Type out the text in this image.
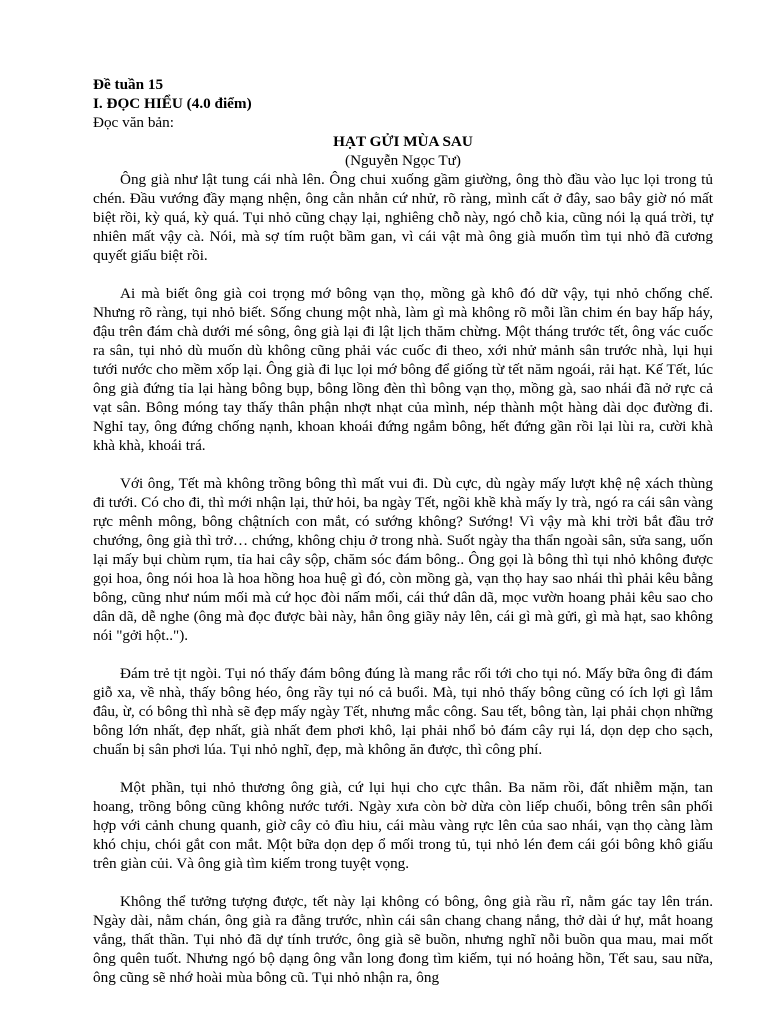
Đề tuần 15

I. ĐỌC HIỂU (4.0 điểm)

Đọc văn bản:

HẠT GỬI MÙA SAU

(Nguyễn Ngọc Tư)

Ông già như lật tung cái nhà lên. Ông chui xuống gầm giường, ông thò đầu vào lục lọi trong tủ chén. Đầu vướng đầy mạng nhện, ông cằn nhằn cứ nhử, rõ ràng, mình cất ở đây, sao bây giờ nó mất biệt rồi, kỳ quá, kỳ quá. Tụi nhỏ cũng chạy lại, nghiêng chỗ này, ngó chỗ kia, cũng nói lạ quá trời, tự nhiên mất vậy cà. Nói, mà sợ tím ruột bầm gan, vì cái vật mà ông già muốn tìm tụi nhỏ đã cương quyết giấu biệt rồi.

Ai mà biết ông già coi trọng mớ bông vạn thọ, mồng gà khô đó dữ vậy, tụi nhỏ chống chế. Nhưng rõ ràng, tụi nhỏ biết. Sống chung một nhà, làm gì mà không rõ mỗi lần chim én bay hấp háy, đậu trên đám chà dưới mé sông, ông già lại đi lật lịch thăm chừng. Một tháng trước tết, ông vác cuốc ra sân, tụi nhỏ dù muốn dù không cũng phải vác cuốc đi theo, xới nhử mảnh sân trước nhà, lụi hụi tưới nước cho mềm xốp lại. Ông già đi lục lọi mớ bông để giống từ tết năm ngoái, rải hạt. Kế Tết, lúc ông già đứng tỉa lại hàng bông bụp, bông lồng đèn thì bông vạn thọ, mồng gà, sao nhái đã nở rực cả vạt sân. Bông móng tay thấy thân phận nhợt nhạt của mình, nép thành một hàng dài dọc đường đi. Nghỉ tay, ông đứng chống nạnh, khoan khoái đứng ngắm bông, hết đứng gần rồi lại lùi ra, cười khà khà khà, khoái trá.

Với ông, Tết mà không trồng bông thì mất vui đi. Dù cực, dù ngày mấy lượt khệ nệ xách thùng đi tưới. Có cho đi, thì mới nhận lại, thử hỏi, ba ngày Tết, ngồi khề khà mấy ly trà, ngó ra cái sân vàng rực mênh mông, bông chậtních con mắt, có sướng không? Sướng! Vì vậy mà khi trời bắt đầu trở chướng, ông già thì trở… chứng, không chịu ở trong nhà. Suốt ngày tha thẩn ngoài sân, sửa sang, uốn lại mấy bụi chùm rụm, tỉa hai cây sộp, chăm sóc đám bông.. Ông gọi là bông thì tụi nhỏ không được gọi hoa, ông nói hoa là hoa hồng hoa huệ gì đó, còn mồng gà, vạn thọ hay sao nhái thì phải kêu bằng bông, cũng như núm mối mà cứ học đòi nấm mối, cái thứ dân dã, mọc vườn hoang phải kêu sao cho dân dã, dễ nghe (ông mà đọc được bài này, hẳn ông giãy nảy lên, cái gì mà gửi, gì mà hạt, sao không nói "gởi hột..").

Đám trẻ tịt ngòi. Tụi nó thấy đám bông đúng là mang rắc rối tới cho tụi nó. Mấy bữa ông đi đám giỗ xa, về nhà, thấy bông héo, ông rầy tụi nó cả buổi. Mà, tụi nhỏ thấy bông cũng có ích lợi gì lắm đâu, ừ, có bông thì nhà sẽ đẹp mấy ngày Tết, nhưng mắc công. Sau tết, bông tàn, lại phải chọn những bông lớn nhất, đẹp nhất, già nhất đem phơi khô, lại phải nhổ bỏ đám cây rụi lá, dọn dẹp cho sạch, chuẩn bị sân phơi lúa. Tụi nhỏ nghĩ, đẹp, mà không ăn được, thì công phí.

Một phần, tụi nhỏ thương ông già, cứ lụi hụi cho cực thân. Ba năm rồi, đất nhiễm mặn, tan hoang, trồng bông cũng không nước tưới. Ngày xưa còn bờ dừa còn liếp chuối, bông trên sân phối hợp với cảnh chung quanh, giờ cây cỏ đìu hiu, cái màu vàng rực lên của sao nhái, vạn thọ càng làm khó chịu, chói gắt con mắt. Một bữa dọn dẹp ổ mối trong tủ, tụi nhỏ lén đem cái gói bông khô giấu trên giàn củi. Và ông già tìm kiếm trong tuyệt vọng.

Không thể tưởng tượng được, tết này lại không có bông, ông già rầu rĩ, nằm gác tay lên trán. Ngày dài, nằm chán, ông già ra đằng trước, nhìn cái sân chang chang nắng, thở dài ứ hự, mắt hoang vắng, thất thần. Tụi nhỏ đã dự tính trước, ông già sẽ buồn, nhưng nghĩ nỗi buồn qua mau, mai mốt ông quên tuốt. Nhưng ngó bộ dạng ông vẫn long đong tìm kiếm, tụi nó hoảng hồn, Tết sau, sau nữa, ông cũng sẽ nhớ hoài mùa bông cũ. Tụi nhỏ nhận ra, ông
